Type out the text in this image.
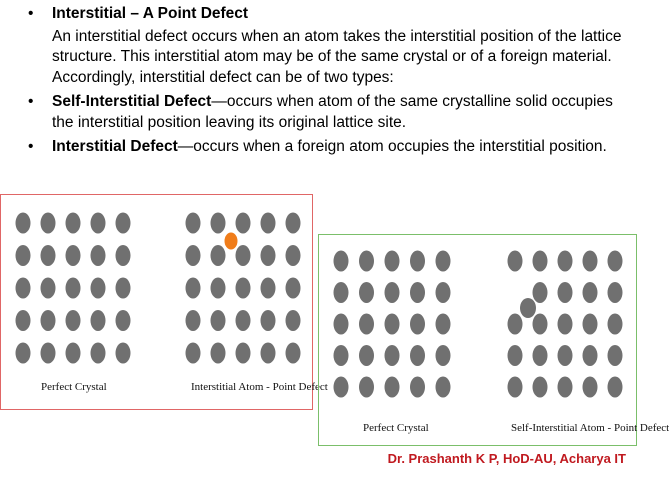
•	Interstitial – A Point Defect
An interstitial defect occurs when an atom takes the interstitial position of the lattice structure. This interstitial atom may be of the same crystal or of a foreign material. Accordingly, interstitial defect can be of two types:
•	Self-Interstitial Defect—occurs when atom of the same crystalline solid occupies the interstitial position leaving its original lattice site.
•	Interstitial Defect—occurs when a foreign atom occupies the interstitial position.
Perfect Crystal	Interstitial Atom - Point Defect
Perfect Crystal	Self-Interstitial Atom - Point Defect
Dr. Prashanth K P, HoD-AU, Acharya IT
